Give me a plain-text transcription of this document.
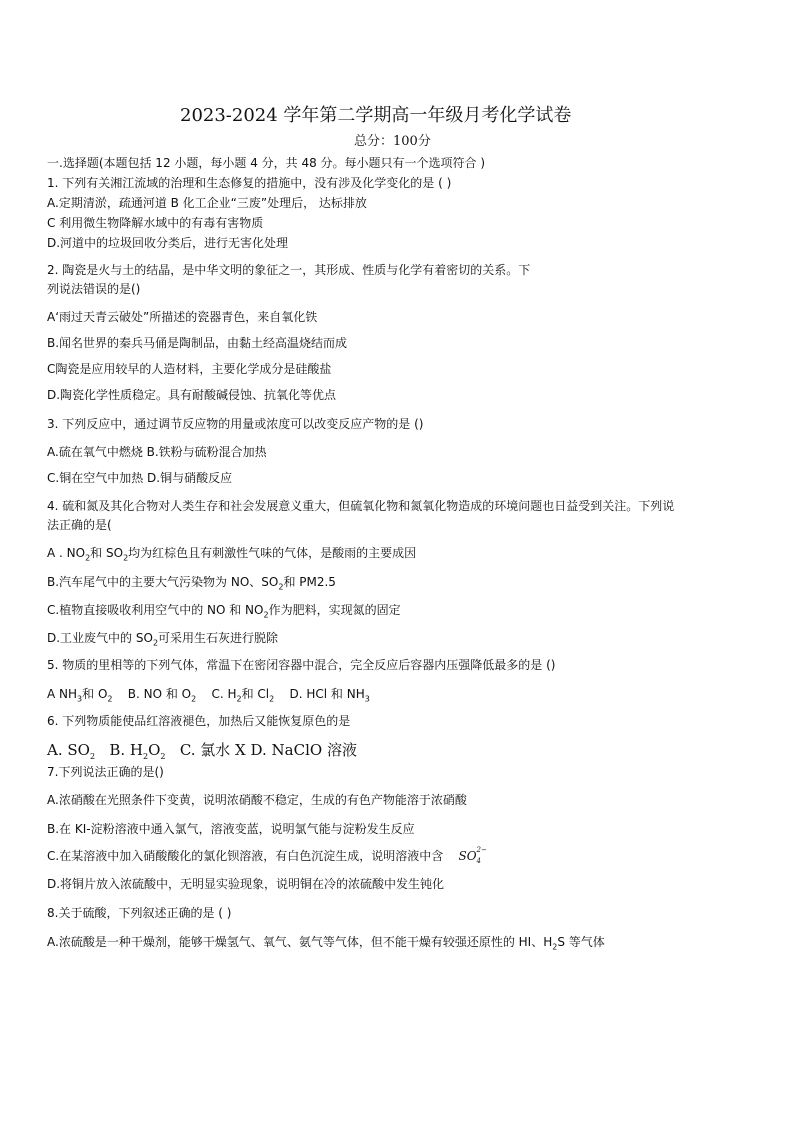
2023-2024 学年第二学期高一年级月考化学试卷
总分：100分
一.选择题(本题包括 12 小题，每小题 4 分，共 48 分。每小题只有一个选项符合 )
1. 下列有关湘江流域的治理和生态修复的措施中，没有涉及化学变化的是 ( )
A.定期清淤，疏通河道 B 化工企业“三废”处理后， 达标排放
C 利用微生物降解水域中的有毒有害物质
D.河道中的垃圾回收分类后，进行无害化处理
2. 陶瓷是火与土的结晶，是中华文明的象征之一，其形成、性质与化学有着密切的关系。下
列说法错误的是()
A‘雨过天青云破处”所描述的瓷器青色，来自氧化铁
B.闻名世界的秦兵马俑是陶制品，由黏土经高温烧结而成
C陶瓷是应用较早的人造材料，主要化学成分是硅酸盐
D.陶瓷化学性质稳定。具有耐酸碱侵蚀、抗氧化等优点
3. 下列反应中，通过调节反应物的用量或浓度可以改变反应产物的是 ()
A.硫在氧气中燃烧 B.铁粉与硫粉混合加热
C.铜在空气中加热 D.铜与硝酸反应
4. 硫和氮及其化合物对人类生存和社会发展意义重大，但硫氧化物和氮氧化物造成的环境问题也日益受到关注。下列说
法正确的是(
A . $NO_2$和 $SO_2$均为红棕色且有刺激性气味的气体，是酸雨的主要成因
B.汽车尾气中的主要大气污染物为 NO、$SO_2$和 PM2.5
C.植物直接吸收利用空气中的 NO 和 $NO_2$作为肥料，实现氮的固定
D.工业废气中的 $SO_2$可采用生石灰进行脱除
5. 物质的里相等的下列气体，常温下在密闭容器中混合，完全反应后容器内压强降低最多的是 ()
A $NH_3$和 $O_2$ B. NO 和 $O_2$ C. $H_2$和 $Cl_2$ D. HCl 和 $NH_3$
6. 下列物质能使品红溶液褪色，加热后又能恢复原色的是
A. $SO_2$ B. $H_2O_2$ C. 氯水 X D. NaClO 溶液
7.下列说法正确的是()
A.浓硝酸在光照条件下变黄，说明浓硝酸不稳定，生成的有色产物能溶于浓硝酸
B.在 KI-淀粉溶液中通入氯气，溶液变蓝，说明氯气能与淀粉发生反应
C.在某溶液中加入硝酸酸化的氯化钡溶液，有白色沉淀生成，说明溶液中含 SO 2−
4
D.将铜片放入浓硫酸中，无明显实验现象，说明铜在冷的浓硫酸中发生钝化
8.关于硫酸，下列叙述正确的是 ( )
A.浓硫酸是一种干燥剂，能够干燥氢气、氧气、氨气等气体，但不能干燥有较强还原性的 HI、$H_2S$ 等气体
